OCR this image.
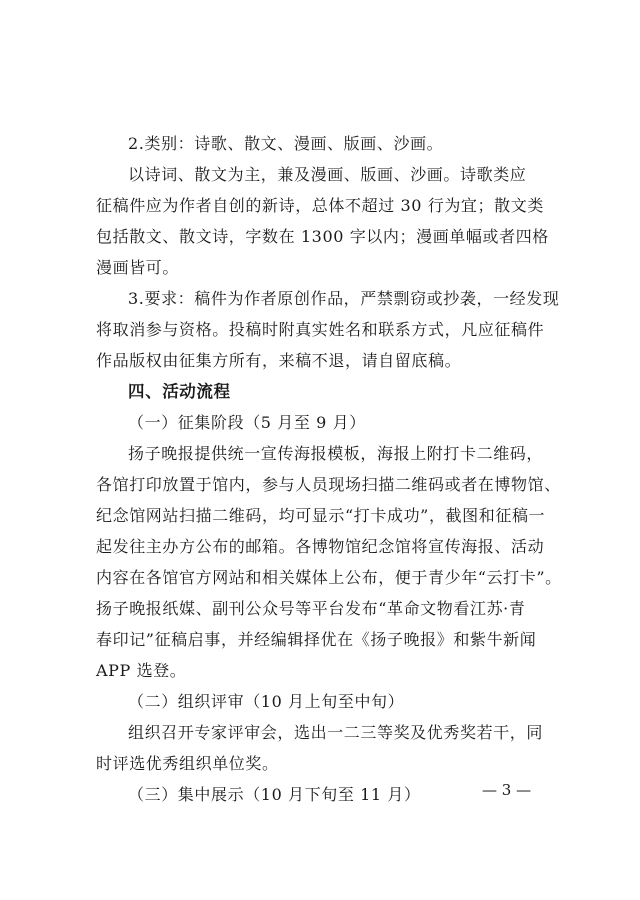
2.类别：诗歌、散文、漫画、版画、沙画。
以诗词、散文为主，兼及漫画、版画、沙画。诗歌类应
征稿件应为作者自创的新诗，总体不超过 30 行为宜；散文类
包括散文、散文诗，字数在 1300 字以内；漫画单幅或者四格
漫画皆可。
3.要求：稿件为作者原创作品，严禁剽窃或抄袭，一经发现
将取消参与资格。投稿时附真实姓名和联系方式，凡应征稿件
作品版权由征集方所有，来稿不退，请自留底稿。
四、活动流程
（一）征集阶段（5 月至 9 月）
扬子晚报提供统一宣传海报模板，海报上附打卡二维码，
各馆打印放置于馆内，参与人员现场扫描二维码或者在博物馆、
纪念馆网站扫描二维码，均可显示“打卡成功”，截图和征稿一
起发往主办方公布的邮箱。各博物馆纪念馆将宣传海报、活动
内容在各馆官方网站和相关媒体上公布，便于青少年“云打卡”。
扬子晚报纸媒、副刊公众号等平台发布“革命文物看江苏·青
春印记”征稿启事，并经编辑择优在《扬子晚报》和紫牛新闻
APP 选登。
（二）组织评审（10 月上旬至中旬）
组织召开专家评审会，选出一二三等奖及优秀奖若干，同
时评选优秀组织单位奖。
（三）集中展示（10 月下旬至 11 月）	— 3 —
